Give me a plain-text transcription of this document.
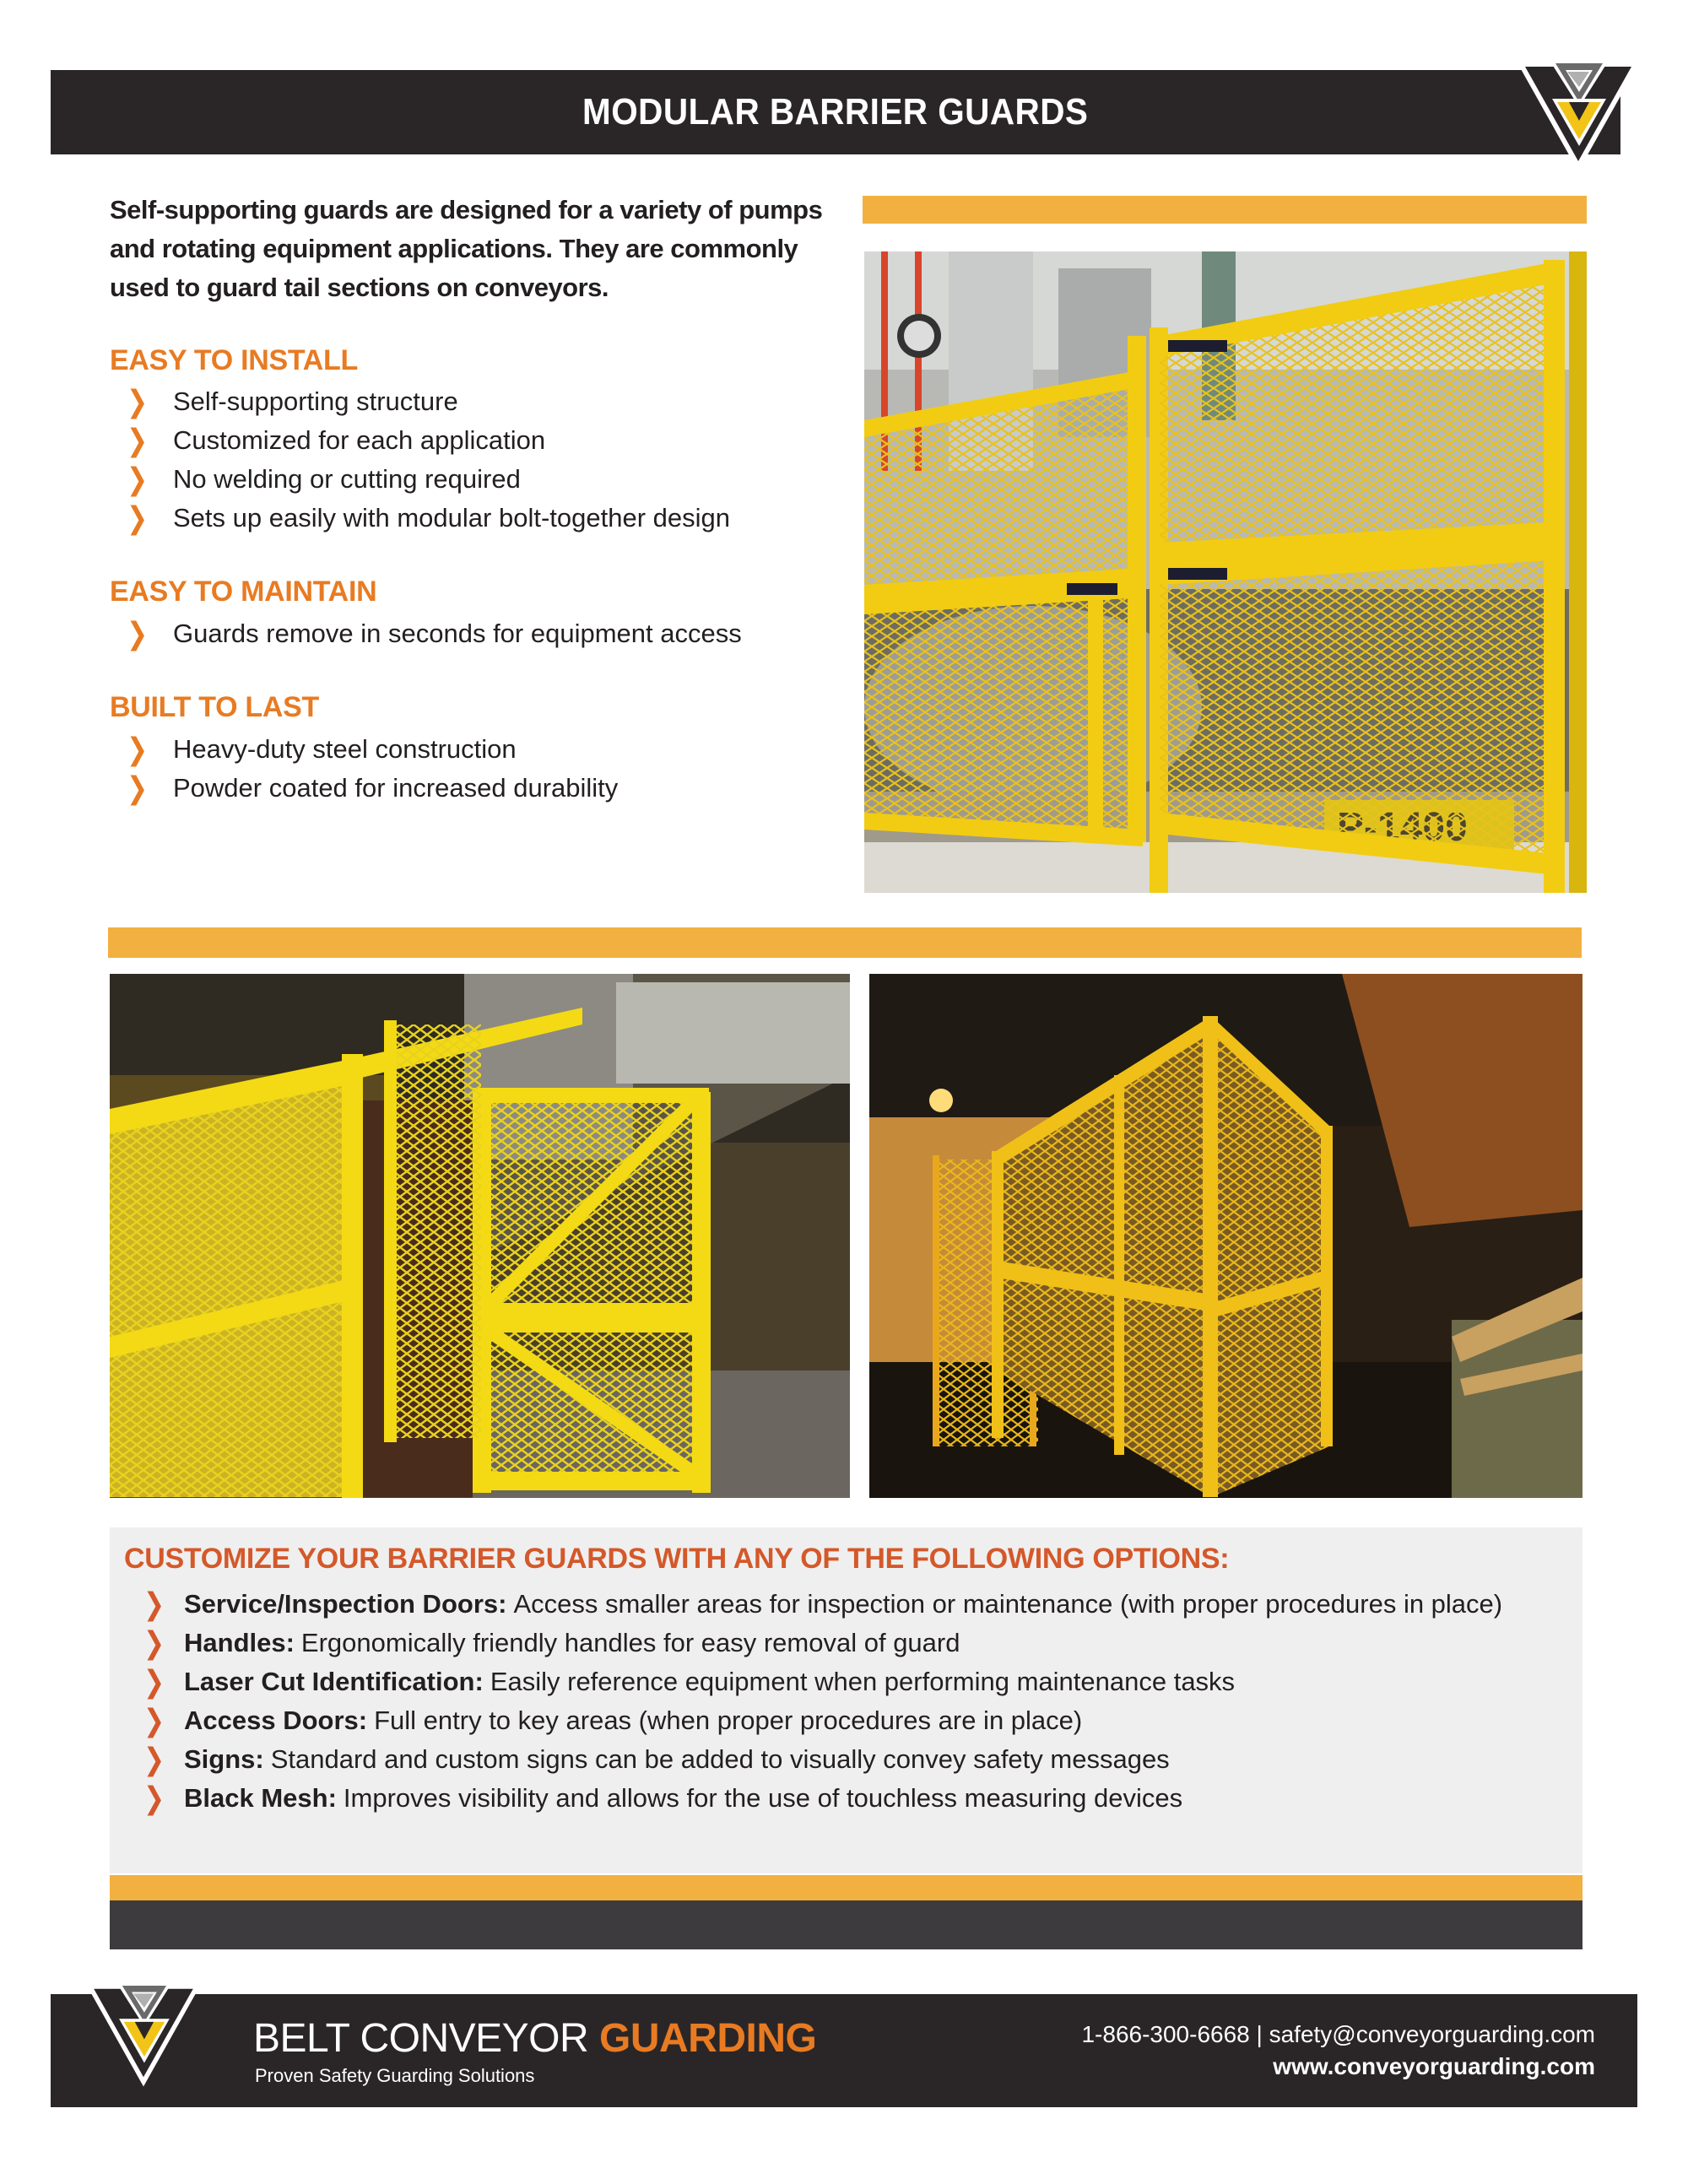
MODULAR BARRIER GUARDS

Self-supporting guards are designed for a variety of pumps and rotating equipment applications. They are commonly used to guard tail sections on conveyors.

EASY TO INSTALL
❯ Self-supporting structure
❯ Customized for each application
❯ No welding or cutting required
❯ Sets up easily with modular bolt-together design
EASY TO MAINTAIN
❯ Guards remove in seconds for equipment access
BUILT TO LAST
❯ Heavy-duty steel construction
❯ Powder coated for increased durability
CUSTOMIZE YOUR BARRIER GUARDS WITH ANY OF THE FOLLOWING OPTIONS:
❯ Service/Inspection Doors: Access smaller areas for inspection or maintenance (with proper procedures in place)
❯ Handles: Ergonomically friendly handles for easy removal of guard
❯ Laser Cut Identification: Easily reference equipment when performing maintenance tasks
❯ Access Doors: Full entry to key areas (when proper procedures are in place)
❯ Signs: Standard and custom signs can be added to visually convey safety messages
❯ Black Mesh: Improves visibility and allows for the use of touchless measuring devices
BELT CONVEYOR GUARDING
Proven Safety Guarding Solutions
1-866-300-6668 | safety@conveyorguarding.com
www.conveyorguarding.com
